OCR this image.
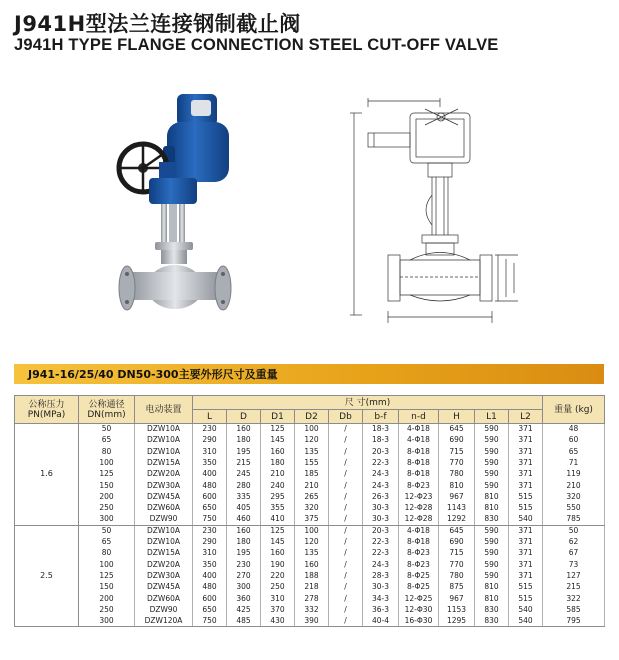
J941H型法兰连接钢制截止阀
J941H TYPE FLANGE CONNECTION STEEL CUT-OFF VALVE
J941-16/25/40 DN50-300主要外形尺寸及重量
公称压力 PN(MPa)	公称通径 DN(mm)	电动装置	尺 寸(mm)										重量 (kg)
			L	D	D1	D2	Db	b-f	n-d	H	L1	L2	
1.6	50	DZW10A	230	160	125	100	/	18-3	4-Φ18	645	590	371	48
	65	DZW10A	290	180	145	120	/	18-3	4-Φ18	690	590	371	60
	80	DZW10A	310	195	160	135	/	20-3	8-Φ18	715	590	371	65
	100	DZW15A	350	215	180	155	/	22-3	8-Φ18	770	590	371	71
	125	DZW20A	400	245	210	185	/	24-3	8-Φ18	780	590	371	119
	150	DZW30A	480	280	240	210	/	24-3	8-Φ23	810	590	371	210
	200	DZW45A	600	335	295	265	/	26-3	12-Φ23	967	810	515	320
	250	DZW60A	650	405	355	320	/	30-3	12-Φ28	1143	810	515	550
	300	DZW90	750	460	410	375	/	30-3	12-Φ28	1292	830	540	785
2.5	50	DZW10A	230	160	125	100	/	20-3	4-Φ18	645	590	371	50
	65	DZW10A	290	180	145	120	/	22-3	8-Φ18	690	590	371	62
	80	DZW15A	310	195	160	135	/	22-3	8-Φ23	715	590	371	67
	100	DZW20A	350	230	190	160	/	24-3	8-Φ23	770	590	371	73
	125	DZW30A	400	270	220	188	/	28-3	8-Φ25	780	590	371	127
	150	DZW45A	480	300	250	218	/	30-3	8-Φ25	875	810	515	215
	200	DZW60A	600	360	310	278	/	34-3	12-Φ25	967	810	515	322
	250	DZW90	650	425	370	332	/	36-3	12-Φ30	1153	830	540	585
	300	DZW120A	750	485	430	390	/	40-4	16-Φ30	1295	830	540	795
